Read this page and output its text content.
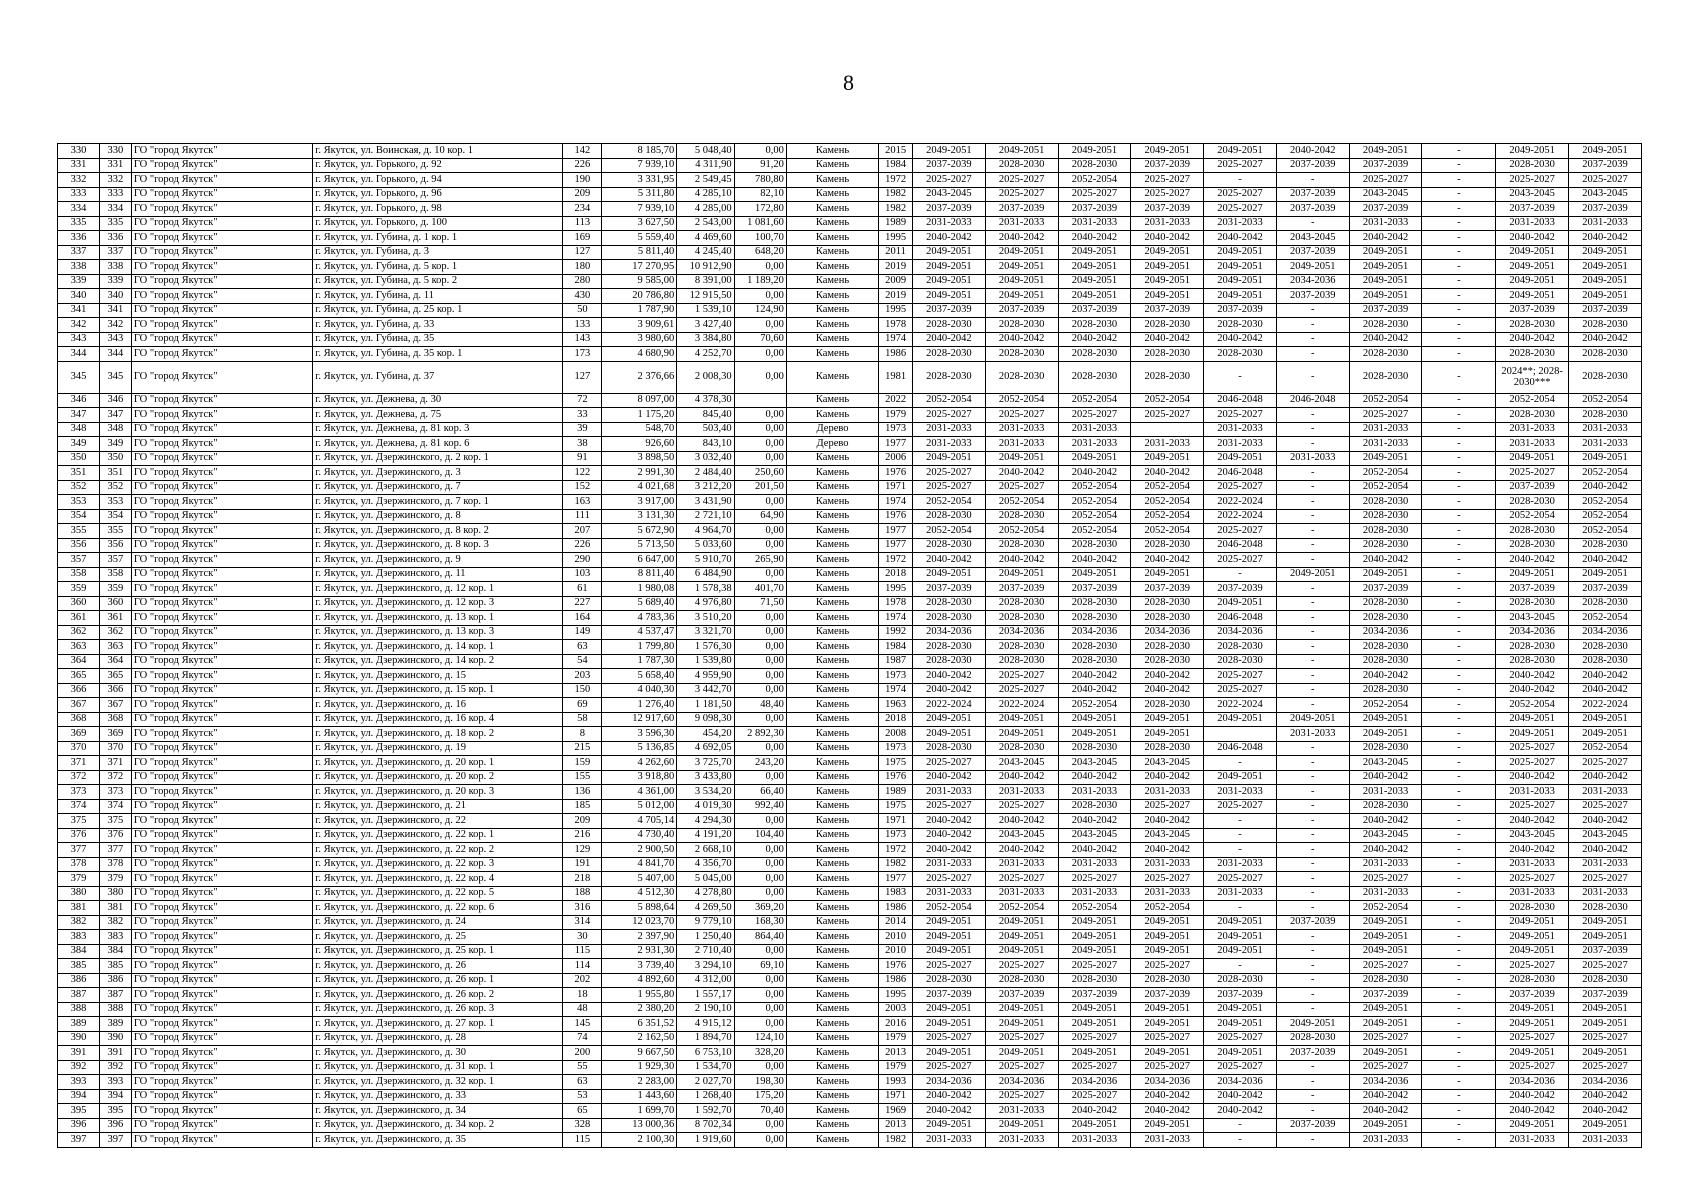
8
330	330	ГО "город Якутск"	г. Якутск, ул. Воинская, д. 10 кор. 1	142	8 185,70	5 048,40	0,00	Камень	2015	2049-2051	2049-2051	2049-2051	2049-2051	2049-2051	2040-2042	2049-2051	-	2049-2051	2049-2051
331	331	ГО "город Якутск"	г. Якутск, ул. Горького, д. 92	226	7 939,10	4 311,90	91,20	Камень	1984	2037-2039	2028-2030	2028-2030	2037-2039	2025-2027	2037-2039	2037-2039	-	2028-2030	2037-2039
332	332	ГО "город Якутск"	г. Якутск, ул. Горького, д. 94	190	3 331,95	2 549,45	780,80	Камень	1972	2025-2027	2025-2027	2052-2054	2025-2027	-	-	2025-2027	-	2025-2027	2025-2027
333	333	ГО "город Якутск"	г. Якутск, ул. Горького, д. 96	209	5 311,80	4 285,10	82,10	Камень	1982	2043-2045	2025-2027	2025-2027	2025-2027	2025-2027	2037-2039	2043-2045	-	2043-2045	2043-2045
334	334	ГО "город Якутск"	г. Якутск, ул. Горького, д. 98	234	7 939,10	4 285,00	172,80	Камень	1982	2037-2039	2037-2039	2037-2039	2037-2039	2025-2027	2037-2039	2037-2039	-	2037-2039	2037-2039
335	335	ГО "город Якутск"	г. Якутск, ул. Горького, д. 100	113	3 627,50	2 543,00	1 081,60	Камень	1989	2031-2033	2031-2033	2031-2033	2031-2033	2031-2033	-	2031-2033	-	2031-2033	2031-2033
336	336	ГО "город Якутск"	г. Якутск, ул. Губина, д. 1 кор. 1	169	5 559,40	4 469,60	100,70	Камень	1995	2040-2042	2040-2042	2040-2042	2040-2042	2040-2042	2043-2045	2040-2042	-	2040-2042	2040-2042
337	337	ГО "город Якутск"	г. Якутск, ул. Губина, д. 3	127	5 811,40	4 245,40	648,20	Камень	2011	2049-2051	2049-2051	2049-2051	2049-2051	2049-2051	2037-2039	2049-2051	-	2049-2051	2049-2051
338	338	ГО "город Якутск"	г. Якутск, ул. Губина, д. 5 кор. 1	180	17 270,95	10 912,90	0,00	Камень	2019	2049-2051	2049-2051	2049-2051	2049-2051	2049-2051	2049-2051	2049-2051	-	2049-2051	2049-2051
339	339	ГО "город Якутск"	г. Якутск, ул. Губина, д. 5 кор. 2	280	9 585,00	8 391,00	1 189,20	Камень	2009	2049-2051	2049-2051	2049-2051	2049-2051	2049-2051	2034-2036	2049-2051	-	2049-2051	2049-2051
340	340	ГО "город Якутск"	г. Якутск, ул. Губина, д. 11	430	20 786,80	12 915,50	0,00	Камень	2019	2049-2051	2049-2051	2049-2051	2049-2051	2049-2051	2037-2039	2049-2051	-	2049-2051	2049-2051
341	341	ГО "город Якутск"	г. Якутск, ул. Губина, д. 25 кор. 1	50	1 787,90	1 539,10	124,90	Камень	1995	2037-2039	2037-2039	2037-2039	2037-2039	2037-2039	-	2037-2039	-	2037-2039	2037-2039
342	342	ГО "город Якутск"	г. Якутск, ул. Губина, д. 33	133	3 909,61	3 427,40	0,00	Камень	1978	2028-2030	2028-2030	2028-2030	2028-2030	2028-2030	-	2028-2030	-	2028-2030	2028-2030
343	343	ГО "город Якутск"	г. Якутск, ул. Губина, д. 35	143	3 980,60	3 384,80	70,60	Камень	1974	2040-2042	2040-2042	2040-2042	2040-2042	2040-2042	-	2040-2042	-	2040-2042	2040-2042
344	344	ГО "город Якутск"	г. Якутск, ул. Губина, д. 35 кор. 1	173	4 680,90	4 252,70	0,00	Камень	1986	2028-2030	2028-2030	2028-2030	2028-2030	2028-2030	-	2028-2030	-	2028-2030	2028-2030
345	345	ГО "город Якутск"	г. Якутск, ул. Губина, д. 37	127	2 376,66	2 008,30	0,00	Камень	1981	2028-2030	2028-2030	2028-2030	2028-2030	-	-	2028-2030	-	2024**; 2028-2030***	2028-2030
346	346	ГО "город Якутск"	г. Якутск, ул. Дежнева, д. 30	72	8 097,00	4 378,30		Камень	2022	2052-2054	2052-2054	2052-2054	2052-2054	2046-2048	2046-2048	2052-2054	-	2052-2054	2052-2054
347	347	ГО "город Якутск"	г. Якутск, ул. Дежнева, д. 75	33	1 175,20	845,40	0,00	Камень	1979	2025-2027	2025-2027	2025-2027	2025-2027	2025-2027	-	2025-2027	-	2028-2030	2028-2030
348	348	ГО "город Якутск"	г. Якутск, ул. Дежнева, д. 81 кор. 3	39	548,70	503,40	0,00	Дерево	1973	2031-2033	2031-2033	2031-2033		2031-2033	-	2031-2033	-	2031-2033	2031-2033
349	349	ГО "город Якутск"	г. Якутск, ул. Дежнева, д. 81 кор. 6	38	926,60	843,10	0,00	Дерево	1977	2031-2033	2031-2033	2031-2033	2031-2033	2031-2033	-	2031-2033	-	2031-2033	2031-2033
350	350	ГО "город Якутск"	г. Якутск, ул. Дзержинского, д. 2 кор. 1	91	3 898,50	3 032,40	0,00	Камень	2006	2049-2051	2049-2051	2049-2051	2049-2051	2049-2051	2031-2033	2049-2051	-	2049-2051	2049-2051
351	351	ГО "город Якутск"	г. Якутск, ул. Дзержинского, д. 3	122	2 991,30	2 484,40	250,60	Камень	1976	2025-2027	2040-2042	2040-2042	2040-2042	2046-2048	-	2052-2054	-	2025-2027	2052-2054
352	352	ГО "город Якутск"	г. Якутск, ул. Дзержинского, д. 7	152	4 021,68	3 212,20	201,50	Камень	1971	2025-2027	2025-2027	2052-2054	2052-2054	2025-2027	-	2052-2054	-	2037-2039	2040-2042
353	353	ГО "город Якутск"	г. Якутск, ул. Дзержинского, д. 7 кор. 1	163	3 917,00	3 431,90	0,00	Камень	1974	2052-2054	2052-2054	2052-2054	2052-2054	2022-2024	-	2028-2030	-	2028-2030	2052-2054
354	354	ГО "город Якутск"	г. Якутск, ул. Дзержинского, д. 8	111	3 131,30	2 721,10	64,90	Камень	1976	2028-2030	2028-2030	2052-2054	2052-2054	2022-2024	-	2028-2030	-	2052-2054	2052-2054
355	355	ГО "город Якутск"	г. Якутск, ул. Дзержинского, д. 8 кор. 2	207	5 672,90	4 964,70	0,00	Камень	1977	2052-2054	2052-2054	2052-2054	2052-2054	2025-2027	-	2028-2030	-	2028-2030	2052-2054
356	356	ГО "город Якутск"	г. Якутск, ул. Дзержинского, д. 8 кор. 3	226	5 713,50	5 033,60	0,00	Камень	1977	2028-2030	2028-2030	2028-2030	2028-2030	2046-2048	-	2028-2030	-	2028-2030	2028-2030
357	357	ГО "город Якутск"	г. Якутск, ул. Дзержинского, д. 9	290	6 647,00	5 910,70	265,90	Камень	1972	2040-2042	2040-2042	2040-2042	2040-2042	2025-2027	-	2040-2042	-	2040-2042	2040-2042
358	358	ГО "город Якутск"	г. Якутск, ул. Дзержинского, д. 11	103	8 811,40	6 484,90	0,00	Камень	2018	2049-2051	2049-2051	2049-2051	2049-2051	-	2049-2051	2049-2051	-	2049-2051	2049-2051
359	359	ГО "город Якутск"	г. Якутск, ул. Дзержинского, д. 12 кор. 1	61	1 980,08	1 578,38	401,70	Камень	1995	2037-2039	2037-2039	2037-2039	2037-2039	2037-2039	-	2037-2039	-	2037-2039	2037-2039
360	360	ГО "город Якутск"	г. Якутск, ул. Дзержинского, д. 12 кор. 3	227	5 689,40	4 976,80	71,50	Камень	1978	2028-2030	2028-2030	2028-2030	2028-2030	2049-2051	-	2028-2030	-	2028-2030	2028-2030
361	361	ГО "город Якутск"	г. Якутск, ул. Дзержинского, д. 13 кор. 1	164	4 783,36	3 510,20	0,00	Камень	1974	2028-2030	2028-2030	2028-2030	2028-2030	2046-2048	-	2028-2030	-	2043-2045	2052-2054
362	362	ГО "город Якутск"	г. Якутск, ул. Дзержинского, д. 13 кор. 3	149	4 537,47	3 321,70	0,00	Камень	1992	2034-2036	2034-2036	2034-2036	2034-2036	2034-2036	-	2034-2036	-	2034-2036	2034-2036
363	363	ГО "город Якутск"	г. Якутск, ул. Дзержинского, д. 14 кор. 1	63	1 799,80	1 576,30	0,00	Камень	1984	2028-2030	2028-2030	2028-2030	2028-2030	2028-2030	-	2028-2030	-	2028-2030	2028-2030
364	364	ГО "город Якутск"	г. Якутск, ул. Дзержинского, д. 14 кор. 2	54	1 787,30	1 539,80	0,00	Камень	1987	2028-2030	2028-2030	2028-2030	2028-2030	2028-2030	-	2028-2030	-	2028-2030	2028-2030
365	365	ГО "город Якутск"	г. Якутск, ул. Дзержинского, д. 15	203	5 658,40	4 959,90	0,00	Камень	1973	2040-2042	2025-2027	2040-2042	2040-2042	2025-2027	-	2040-2042	-	2040-2042	2040-2042
366	366	ГО "город Якутск"	г. Якутск, ул. Дзержинского, д. 15 кор. 1	150	4 040,30	3 442,70	0,00	Камень	1974	2040-2042	2025-2027	2040-2042	2040-2042	2025-2027	-	2028-2030	-	2040-2042	2040-2042
367	367	ГО "город Якутск"	г. Якутск, ул. Дзержинского, д. 16	69	1 276,40	1 181,50	48,40	Камень	1963	2022-2024	2022-2024	2052-2054	2028-2030	2022-2024	-	2052-2054	-	2052-2054	2022-2024
368	368	ГО "город Якутск"	г. Якутск, ул. Дзержинского, д. 16 кор. 4	58	12 917,60	9 098,30	0,00	Камень	2018	2049-2051	2049-2051	2049-2051	2049-2051	2049-2051	2049-2051	2049-2051	-	2049-2051	2049-2051
369	369	ГО "город Якутск"	г. Якутск, ул. Дзержинского, д. 18 кор. 2	8	3 596,30	454,20	2 892,30	Камень	2008	2049-2051	2049-2051	2049-2051	2049-2051		2031-2033	2049-2051	-	2049-2051	2049-2051
370	370	ГО "город Якутск"	г. Якутск, ул. Дзержинского, д. 19	215	5 136,85	4 692,05	0,00	Камень	1973	2028-2030	2028-2030	2028-2030	2028-2030	2046-2048	-	2028-2030	-	2025-2027	2052-2054
371	371	ГО "город Якутск"	г. Якутск, ул. Дзержинского, д. 20 кор. 1	159	4 262,60	3 725,70	243,20	Камень	1975	2025-2027	2043-2045	2043-2045	2043-2045	-	-	2043-2045	-	2025-2027	2025-2027
372	372	ГО "город Якутск"	г. Якутск, ул. Дзержинского, д. 20 кор. 2	155	3 918,80	3 433,80	0,00	Камень	1976	2040-2042	2040-2042	2040-2042	2040-2042	2049-2051	-	2040-2042	-	2040-2042	2040-2042
373	373	ГО "город Якутск"	г. Якутск, ул. Дзержинского, д. 20 кор. 3	136	4 361,00	3 534,20	66,40	Камень	1989	2031-2033	2031-2033	2031-2033	2031-2033	2031-2033	-	2031-2033	-	2031-2033	2031-2033
374	374	ГО "город Якутск"	г. Якутск, ул. Дзержинского, д. 21	185	5 012,00	4 019,30	992,40	Камень	1975	2025-2027	2025-2027	2028-2030	2025-2027	2025-2027	-	2028-2030	-	2025-2027	2025-2027
375	375	ГО "город Якутск"	г. Якутск, ул. Дзержинского, д. 22	209	4 705,14	4 294,30	0,00	Камень	1971	2040-2042	2040-2042	2040-2042	2040-2042	-	-	2040-2042	-	2040-2042	2040-2042
376	376	ГО "город Якутск"	г. Якутск, ул. Дзержинского, д. 22 кор. 1	216	4 730,40	4 191,20	104,40	Камень	1973	2040-2042	2043-2045	2043-2045	2043-2045	-	-	2043-2045	-	2043-2045	2043-2045
377	377	ГО "город Якутск"	г. Якутск, ул. Дзержинского, д. 22 кор. 2	129	2 900,50	2 668,10	0,00	Камень	1972	2040-2042	2040-2042	2040-2042	2040-2042	-	-	2040-2042	-	2040-2042	2040-2042
378	378	ГО "город Якутск"	г. Якутск, ул. Дзержинского, д. 22 кор. 3	191	4 841,70	4 356,70	0,00	Камень	1982	2031-2033	2031-2033	2031-2033	2031-2033	2031-2033	-	2031-2033	-	2031-2033	2031-2033
379	379	ГО "город Якутск"	г. Якутск, ул. Дзержинского, д. 22 кор. 4	218	5 407,00	5 045,00	0,00	Камень	1977	2025-2027	2025-2027	2025-2027	2025-2027	2025-2027	-	2025-2027	-	2025-2027	2025-2027
380	380	ГО "город Якутск"	г. Якутск, ул. Дзержинского, д. 22 кор. 5	188	4 512,30	4 278,80	0,00	Камень	1983	2031-2033	2031-2033	2031-2033	2031-2033	2031-2033	-	2031-2033	-	2031-2033	2031-2033
381	381	ГО "город Якутск"	г. Якутск, ул. Дзержинского, д. 22 кор. 6	316	5 898,64	4 269,50	369,20	Камень	1986	2052-2054	2052-2054	2052-2054	2052-2054	-	-	2052-2054	-	2028-2030	2028-2030
382	382	ГО "город Якутск"	г. Якутск, ул. Дзержинского, д. 24	314	12 023,70	9 779,10	168,30	Камень	2014	2049-2051	2049-2051	2049-2051	2049-2051	2049-2051	2037-2039	2049-2051	-	2049-2051	2049-2051
383	383	ГО "город Якутск"	г. Якутск, ул. Дзержинского, д. 25	30	2 397,90	1 250,40	864,40	Камень	2010	2049-2051	2049-2051	2049-2051	2049-2051	2049-2051	-	2049-2051	-	2049-2051	2049-2051
384	384	ГО "город Якутск"	г. Якутск, ул. Дзержинского, д. 25 кор. 1	115	2 931,30	2 710,40	0,00	Камень	2010	2049-2051	2049-2051	2049-2051	2049-2051	2049-2051	-	2049-2051	-	2049-2051	2037-2039
385	385	ГО "город Якутск"	г. Якутск, ул. Дзержинского, д. 26	114	3 739,40	3 294,10	69,10	Камень	1976	2025-2027	2025-2027	2025-2027	2025-2027	-	-	2025-2027	-	2025-2027	2025-2027
386	386	ГО "город Якутск"	г. Якутск, ул. Дзержинского, д. 26 кор. 1	202	4 892,60	4 312,00	0,00	Камень	1986	2028-2030	2028-2030	2028-2030	2028-2030	2028-2030	-	2028-2030	-	2028-2030	2028-2030
387	387	ГО "город Якутск"	г. Якутск, ул. Дзержинского, д. 26 кор. 2	18	1 955,80	1 557,17	0,00	Камень	1995	2037-2039	2037-2039	2037-2039	2037-2039	2037-2039	-	2037-2039	-	2037-2039	2037-2039
388	388	ГО "город Якутск"	г. Якутск, ул. Дзержинского, д. 26 кор. 3	48	2 380,20	2 190,10	0,00	Камень	2003	2049-2051	2049-2051	2049-2051	2049-2051	2049-2051	-	2049-2051	-	2049-2051	2049-2051
389	389	ГО "город Якутск"	г. Якутск, ул. Дзержинского, д. 27 кор. 1	145	6 351,52	4 915,12	0,00	Камень	2016	2049-2051	2049-2051	2049-2051	2049-2051	2049-2051	2049-2051	2049-2051	-	2049-2051	2049-2051
390	390	ГО "город Якутск"	г. Якутск, ул. Дзержинского, д. 28	74	2 162,50	1 894,70	124,10	Камень	1979	2025-2027	2025-2027	2025-2027	2025-2027	2025-2027	2028-2030	2025-2027	-	2025-2027	2025-2027
391	391	ГО "город Якутск"	г. Якутск, ул. Дзержинского, д. 30	200	9 667,50	6 753,10	328,20	Камень	2013	2049-2051	2049-2051	2049-2051	2049-2051	2049-2051	2037-2039	2049-2051	-	2049-2051	2049-2051
392	392	ГО "город Якутск"	г. Якутск, ул. Дзержинского, д. 31 кор. 1	55	1 929,30	1 534,70	0,00	Камень	1979	2025-2027	2025-2027	2025-2027	2025-2027	2025-2027	-	2025-2027	-	2025-2027	2025-2027
393	393	ГО "город Якутск"	г. Якутск, ул. Дзержинского, д. 32 кор. 1	63	2 283,00	2 027,70	198,30	Камень	1993	2034-2036	2034-2036	2034-2036	2034-2036	2034-2036	-	2034-2036	-	2034-2036	2034-2036
394	394	ГО "город Якутск"	г. Якутск, ул. Дзержинского, д. 33	53	1 443,60	1 268,40	175,20	Камень	1971	2040-2042	2025-2027	2025-2027	2040-2042	2040-2042	-	2040-2042	-	2040-2042	2040-2042
395	395	ГО "город Якутск"	г. Якутск, ул. Дзержинского, д. 34	65	1 699,70	1 592,70	70,40	Камень	1969	2040-2042	2031-2033	2040-2042	2040-2042	2040-2042	-	2040-2042	-	2040-2042	2040-2042
396	396	ГО "город Якутск"	г. Якутск, ул. Дзержинского, д. 34 кор. 2	328	13 000,36	8 702,34	0,00	Камень	2013	2049-2051	2049-2051	2049-2051	2049-2051	-	2037-2039	2049-2051	-	2049-2051	2049-2051
397	397	ГО "город Якутск"	г. Якутск, ул. Дзержинского, д. 35	115	2 100,30	1 919,60	0,00	Камень	1982	2031-2033	2031-2033	2031-2033	2031-2033	-	-	2031-2033	-	2031-2033	2031-2033
